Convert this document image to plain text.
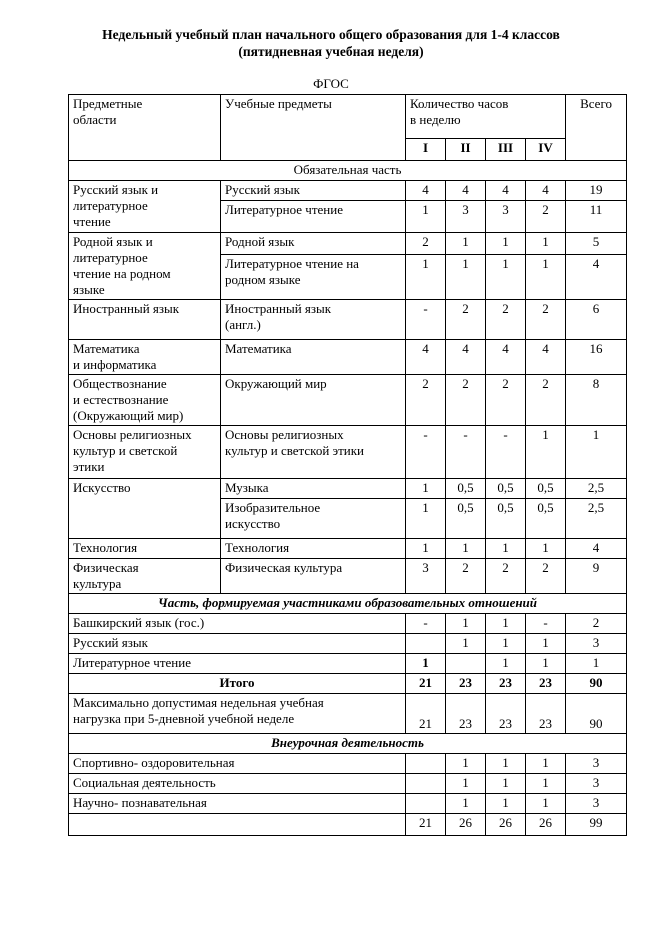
Недельный учебный план начального общего образования для 1-4 классов
(пятидневная учебная неделя)
ФГОС
Предметные
области	Учебные предметы	Количество часов
в неделю				Всего
		I	II	III	IV	
Обязательная часть						
Русский язык и
литературное
чтение	Русский язык	4	4	4	4	19
	Литературное чтение	1	3	3	2	11
Родной язык и
литературное
чтение на родном
языке	Родной язык	2	1	1	1	5
	Литературное чтение на
родном языке	1	1	1	1	4
Иностранный язык	Иностранный язык
(англ.)	-	2	2	2	6
Математика
и информатика	Математика	4	4	4	4	16
Обществознание
и естествознание
(Окружающий мир)	Окружающий мир	2	2	2	2	8
Основы религиозных
культур и светской
этики	Основы религиозных
культур и светской этики	-	-	-	1	1
Искусство	Музыка	1	0,5	0,5	0,5	2,5
	Изобразительное
искусство	1	0,5	0,5	0,5	2,5
Технология	Технология	1	1	1	1	4
Физическая
культура	Физическая культура	3	2	2	2	9
Часть, формируемая участниками образовательных отношений						
Башкирский язык (гос.)		-	1	1	-	2
Русский язык			1	1	1	3
Литературное чтение		1		1	1	1
Итого		21	23	23	23	90
Максимально допустимая недельная учебная
нагрузка при 5-дневной учебной неделе		21	23	23	23	90
Внеурочная деятельность						
Спортивно- оздоровительная			1	1	1	3
Социальная деятельность			1	1	1	3
Научно- познавательная			1	1	1	3
		21	26	26	26	99
